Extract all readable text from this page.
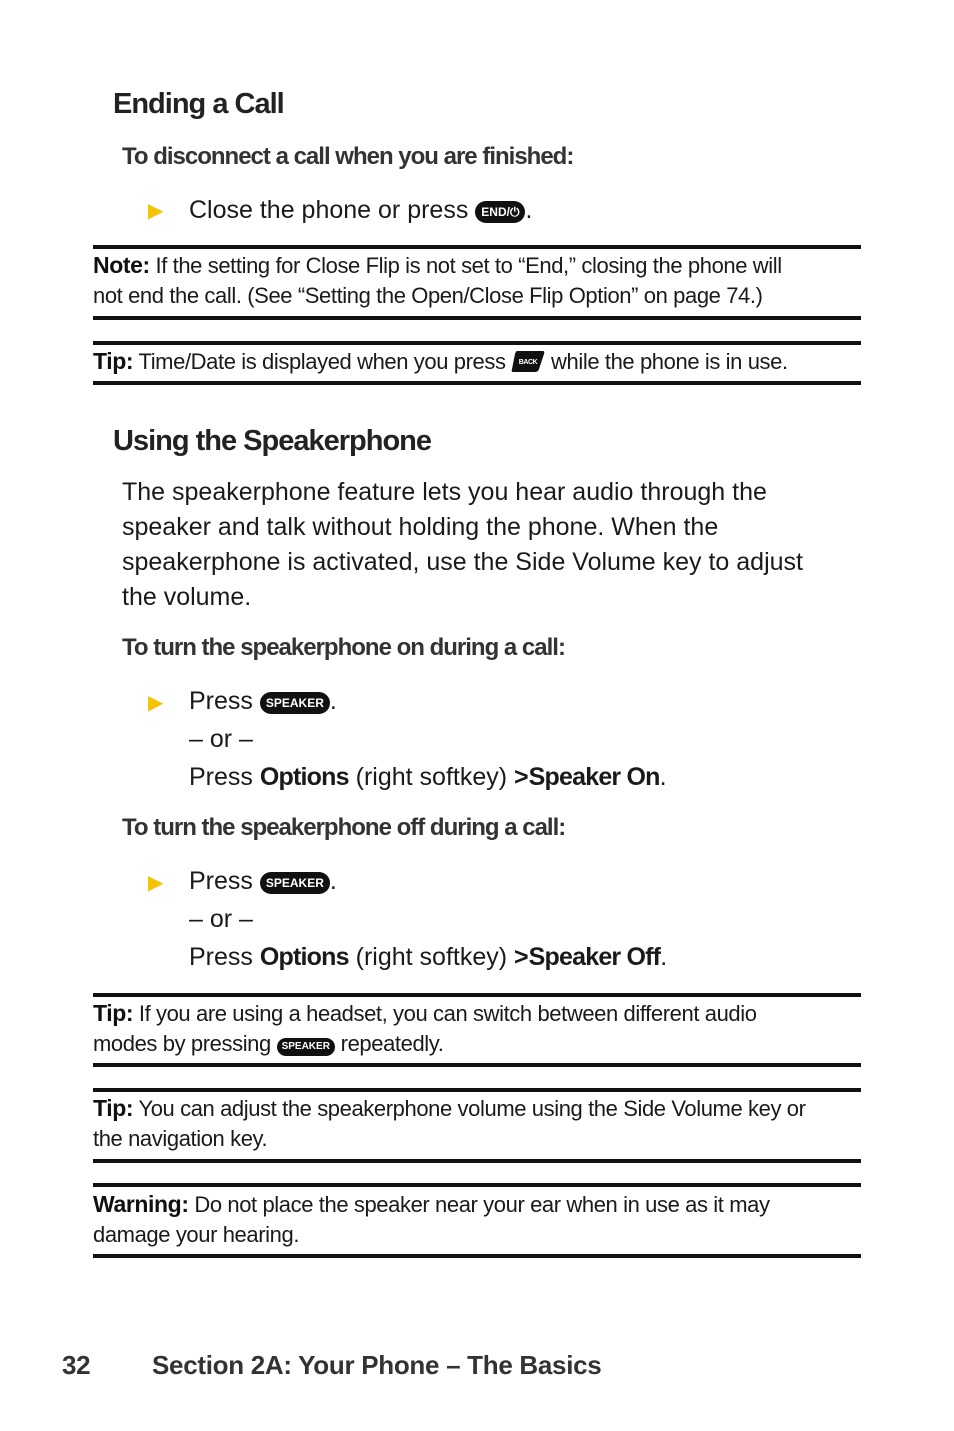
Ending a Call
To disconnect a call when you are finished:
▶ Close the phone or press END/⏻ .
Note: If the setting for Close Flip is not set to “End,” closing the phone will
not end the call. (See “Setting the Open/Close Flip Option” on page 74.)
Tip: Time/Date is displayed when you press BACK while the phone is in use.
Using the Speakerphone
The speakerphone feature lets you hear audio through the
speaker and talk without holding the phone. When the
speakerphone is activated, use the Side Volume key to adjust
the volume.
To turn the speakerphone on during a call:
▶ Press SPEAKER .
– or –
Press Options (right softkey) >Speaker On.
To turn the speakerphone off during a call:
▶ Press SPEAKER .
– or –
Press Options (right softkey) >Speaker Off.
Tip: If you are using a headset, you can switch between different audio
modes by pressing SPEAKER repeatedly.
Tip: You can adjust the speakerphone volume using the Side Volume key or
the navigation key.
Warning: Do not place the speaker near your ear when in use as it may
damage your hearing.
32 Section 2A: Your Phone – The Basics
